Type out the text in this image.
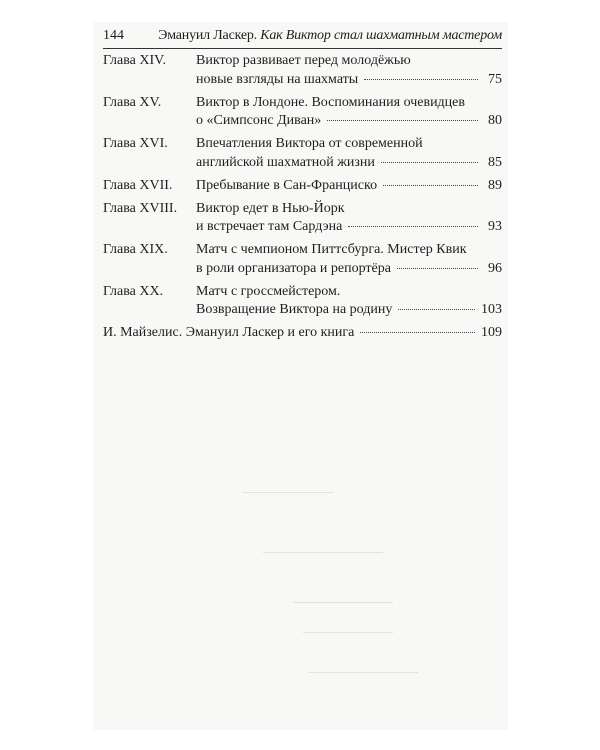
144 Эмануил Ласкер. Как Виктор стал шахматным мастером
Глава XIV. Виктор развивает перед молодёжью
новые взгляды на шахматы	75
Глава XV. Виктор в Лондоне. Воспоминания очевидцев
о «Симпсонс Диван»	80
Глава XVI. Впечатления Виктора от современной
английской шахматной жизни	85
Глава XVII. Пребывание в Сан-Франциско	89
Глава XVIII. Виктор едет в Нью-Йорк
и встречает там Сардэна	93
Глава XIX. Матч с чемпионом Питтсбурга. Мистер Квик
в роли организатора и репортёра	96
Глава XX. Матч с гроссмейстером.
Возвращение Виктора на родину	103
И. Майзелис. Эмануил Ласкер и его книга	109
